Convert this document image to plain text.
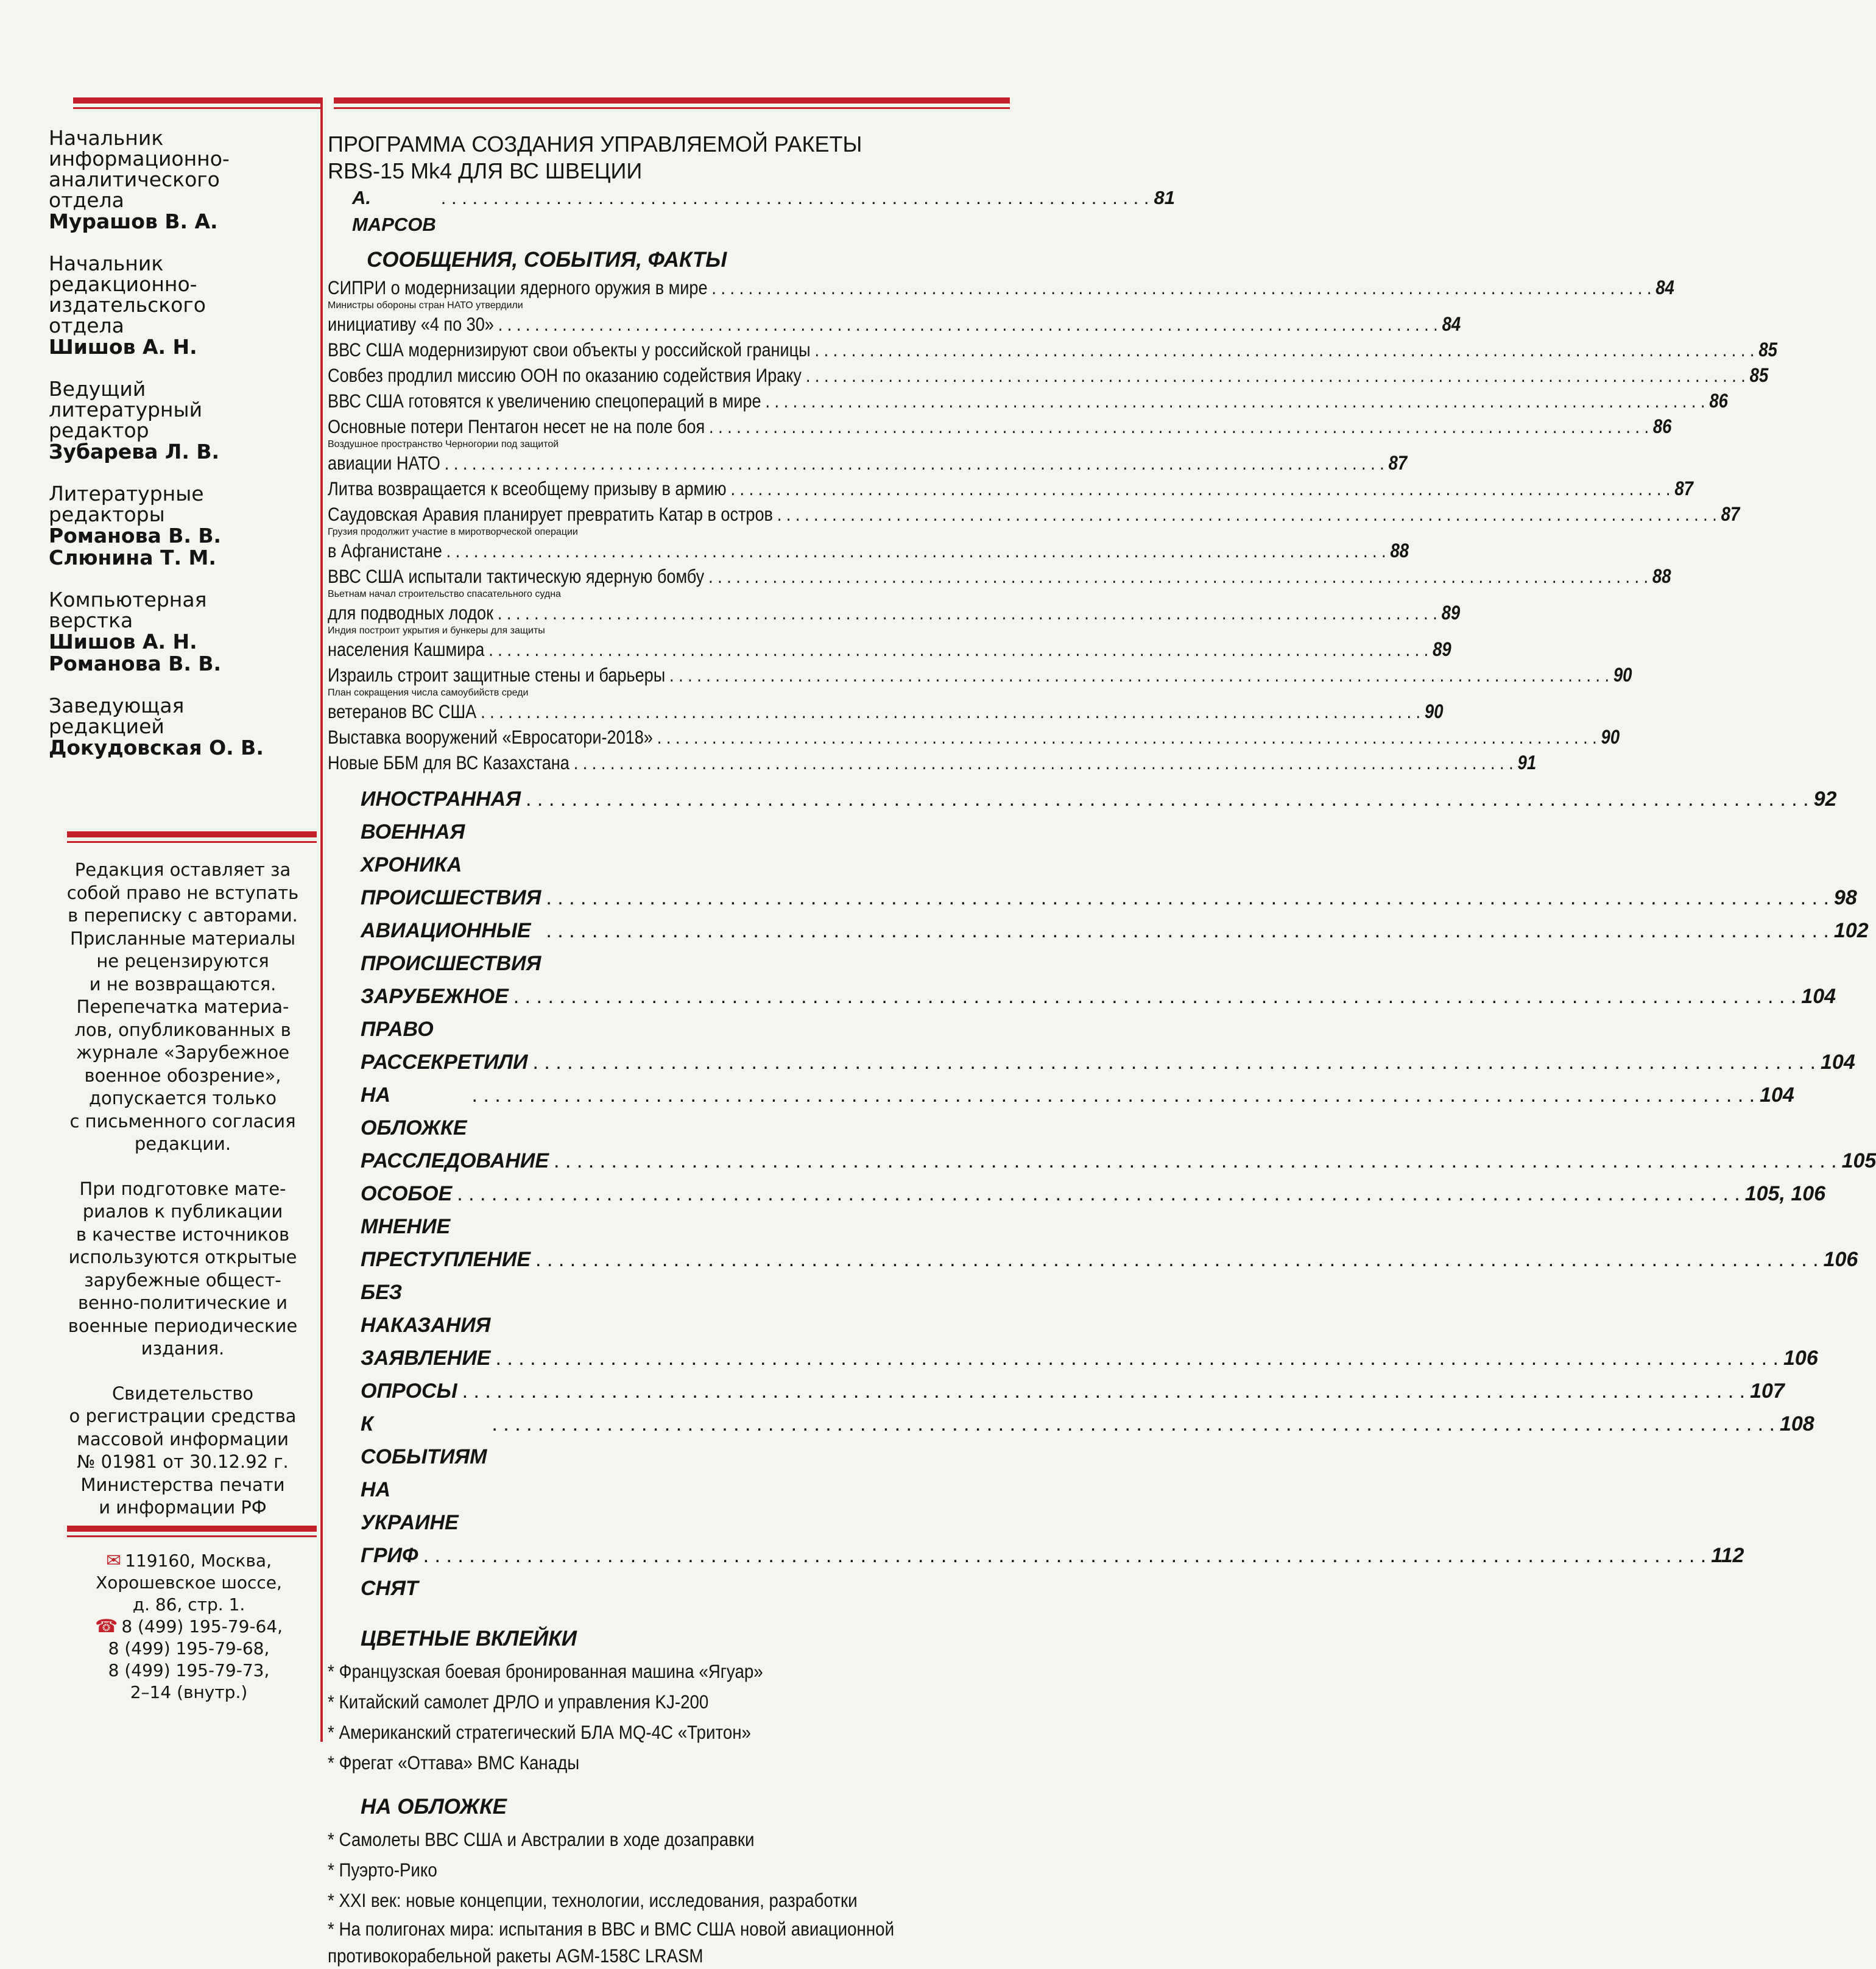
Начальник
информационно-
аналитического
отдела
Мурашов В. А.
Начальник
редакционно-
издательского
отдела
Шишов А. Н.
Ведущий
литературный
редактор
Зубарева Л. В.
Литературные
редакторы
Романова В. В.
Слюнина Т. М.
Компьютерная
верстка
Шишов А. Н.
Романова В. В.
Заведующая
редакцией
Докудовская О. В.

Редакция оставляет за
собой право не вступать
в переписку с авторами.
Присланные материалы
не рецензируются
и не возвращаются.
Перепечатка материа-
лов, опубликованных в
журнале «Зарубежное
военное обозрение»,
допускается только
с письменного согласия
редакции.

При подготовке мате-
риалов к публикации
в качестве источников
используются открытые
зарубежные общест-
венно-политические и
военные периодические
издания.

Свидетельство
о регистрации средства
массовой информации
№ 01981 от 30.12.92 г.
Министерства печати
и информации РФ

✉ 119160, Москва,
Хорошевское шоссе,
д. 86, стр. 1.
☎ 8 (499) 195-79-64,
8 (499) 195-79-68,
8 (499) 195-79-73,
2–14 (внутр.)
ПРОГРАММА СОЗДАНИЯ УПРАВЛЯЕМОЙ РАКЕТЫ
RBS-15 Mk4 ДЛЯ ВС ШВЕЦИИ
А. МАРСОВ
. . . . . . . . . . . . . . . . . . . . . . . . . . . . . . . . . . . . . . . . . . . . . . . . . . . . . . . . . . . . . . . . . . . . 81
СООБЩЕНИЯ, СОБЫТИЯ, ФАКТЫ
СИПРИ о модернизации ядерного оружия в мире . . .	84
Министры обороны стран НАТО утвердили
инициативу «4 по 30» . . .	84
ВВС США модернизируют свои объекты у российской границы . . .	85
Совбез продлил миссию ООН по оказанию содействия Ираку . . .	85
ВВС США готовятся к увеличению спецопераций в мире . . .	86
Основные потери Пентагон несет не на поле боя . . .	86
Воздушное пространство Черногории под защитой
авиации НАТО . . .	87
Литва возвращается к всеобщему призыву в армию . . .	87
Саудовская Аравия планирует превратить Катар в остров . . .	87
Грузия продолжит участие в миротворческой операции
в Афганистане . . .	88
ВВС США испытали тактическую ядерную бомбу . . .	88
Вьетнам начал строительство спасательного судна
для подводных лодок . . .	89
Индия построит укрытия и бункеры для защиты
населения Кашмира . . .	89
Израиль строит защитные стены и барьеры . . .	90
План сокращения числа самоубийств среди
ветеранов ВС США . . .	90
Выставка вооружений «Евросатори-2018» . . .	90
Новые ББМ для ВС Казахстана . . .	91
ИНОСТРАННАЯ ВОЕННАЯ ХРОНИКА
. . .
92
ПРОИСШЕСТВИЯ . . .	98
АВИАЦИОННЫЕ ПРОИСШЕСТВИЯ
. . .
102
ЗАРУБЕЖНОЕ ПРАВО
. . .
104
РАССЕКРЕТИЛИ . . .	104
НА ОБЛОЖКЕ
. . .
104
РАССЛЕДОВАНИЕ . . .	105
ОСОБОЕ МНЕНИЕ
. . .
105, 106
ПРЕСТУПЛЕНИЕ БЕЗ НАКАЗАНИЯ
. . .
106
ЗАЯВЛЕНИЕ . . .	106
ОПРОСЫ . . .	107
К СОБЫТИЯМ НА УКРАИНЕ
. . .
108
ГРИФ СНЯТ
. . .
112
ЦВЕТНЫЕ ВКЛЕЙКИ
* Французская боевая бронированная машина «Ягуар»
* Китайский самолет ДРЛО и управления KJ-200
* Американский стратегический БЛА MQ-4C «Тритон»
* Фрегат «Оттава» ВМС Канады
НА ОБЛОЖКЕ
* Самолеты ВВС США и Австралии в ходе дозаправки
* Пуэрто-Рико
* XXI век: новые концепции, технологии, исследования, разработки
* На полигонах мира: испытания в ВВС и ВМС США новой авиационной противокорабельной ракеты AGM-158C LRASM
